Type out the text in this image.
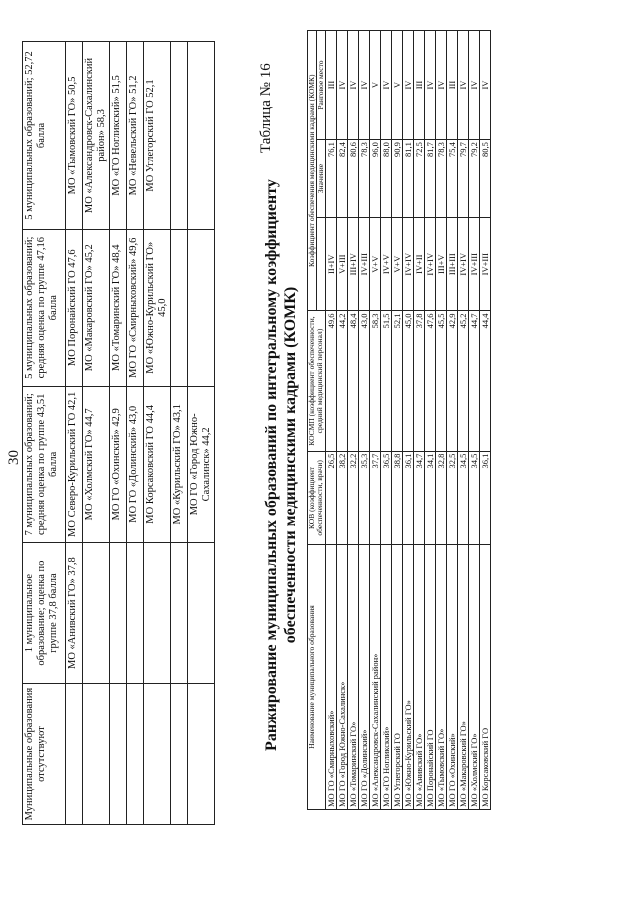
30
Муниципальные образования отсутствуют	1 муниципальное образование; оценка по группе 37,8 балла	7 муниципальных образований; средняя оценка по группе 43,51 балла	5 муниципальных образований; средняя оценка по группе 47,16 балла	5 муниципальных образований; 52,72 балла
	МО «Анивский ГО» 37,8	МО Северо-Курильский ГО 42,1	МО Поронайский ГО 47,6	МО «Тымовский ГО» 50,5
		МО «Холмский ГО» 44,7	МО «Макаровский ГО» 45,2	МО «Александровск-Сахалинский район» 58,3
		МО ГО «Охинский» 42,9	МО «Томаринский ГО» 48,4	МО «ГО Ногликский» 51,5
		МО ГО «Долинский» 43,0	МО ГО «Смирныховский» 49,6	МО «Невельский ГО» 51,2
		МО Корсаковский ГО 44,4	МО «Южно-Курильский ГО» 45,0	МО Углегорский ГО 52,1
		МО «Курильский ГО» 43,1		
		МО ГО «Город Южно-Сахалинск» 44,2		
Таблица № 16
Ранжирование муниципальных образований по интегральному коэффициенту обеспеченности медицинскими кадрами (КОМК)
Наименование муниципального образования	КОВ (коэффициент обеспеченности, врачи)	КОСМП (коэффициент обеспеченности, средний медицинский персонал)	Коэффициент обеспечения медицинскими кадрами (КОМК)		
				Значение	Ранговое место
МО ГО «Смирныховский»	26,5	49,6	II+IV	76,1	III
МО ГО «Город Южно-Сахалинск»	38,2	44,2	V+III	82,4	IV
МО «Томаринский ГО»	32,2	48,4	III+IV	80,6	IV
МО ГО «Долинский»	35,3	43,0	IV+III	78,3	IV
МО «Александровск-Сахалинский район»	37,7	58,3	V+V	96,0	V
МО «ГО Ногликский»	36,5	51,5	IV+V	88,0	IV
МО Углегорский ГО	38,8	52,1	V+V	90,9	V
МО «Южно-Курильский ГО»	36,1	45,0	IV+IV	81,1	IV
МО «Анивский ГО»	34,7	37,8	IV+II	72,5	III
МО Поронайский ГО	34,1	47,6	IV+IV	81,7	IV
МО «Тымовский ГО»	32,8	45,5	III+V	78,3	IV
МО ГО «Охинский»	32,5	42,9	III+III	75,4	III
МО «Макаровский ГО»	34,5	45,2	IV+IV	79,7	IV
МО «Холмский ГО»	34,5	44,7	IV+III	79,2	IV
МО Корсаковский ГО	36,1	44,4	IV+III	80,5	IV
